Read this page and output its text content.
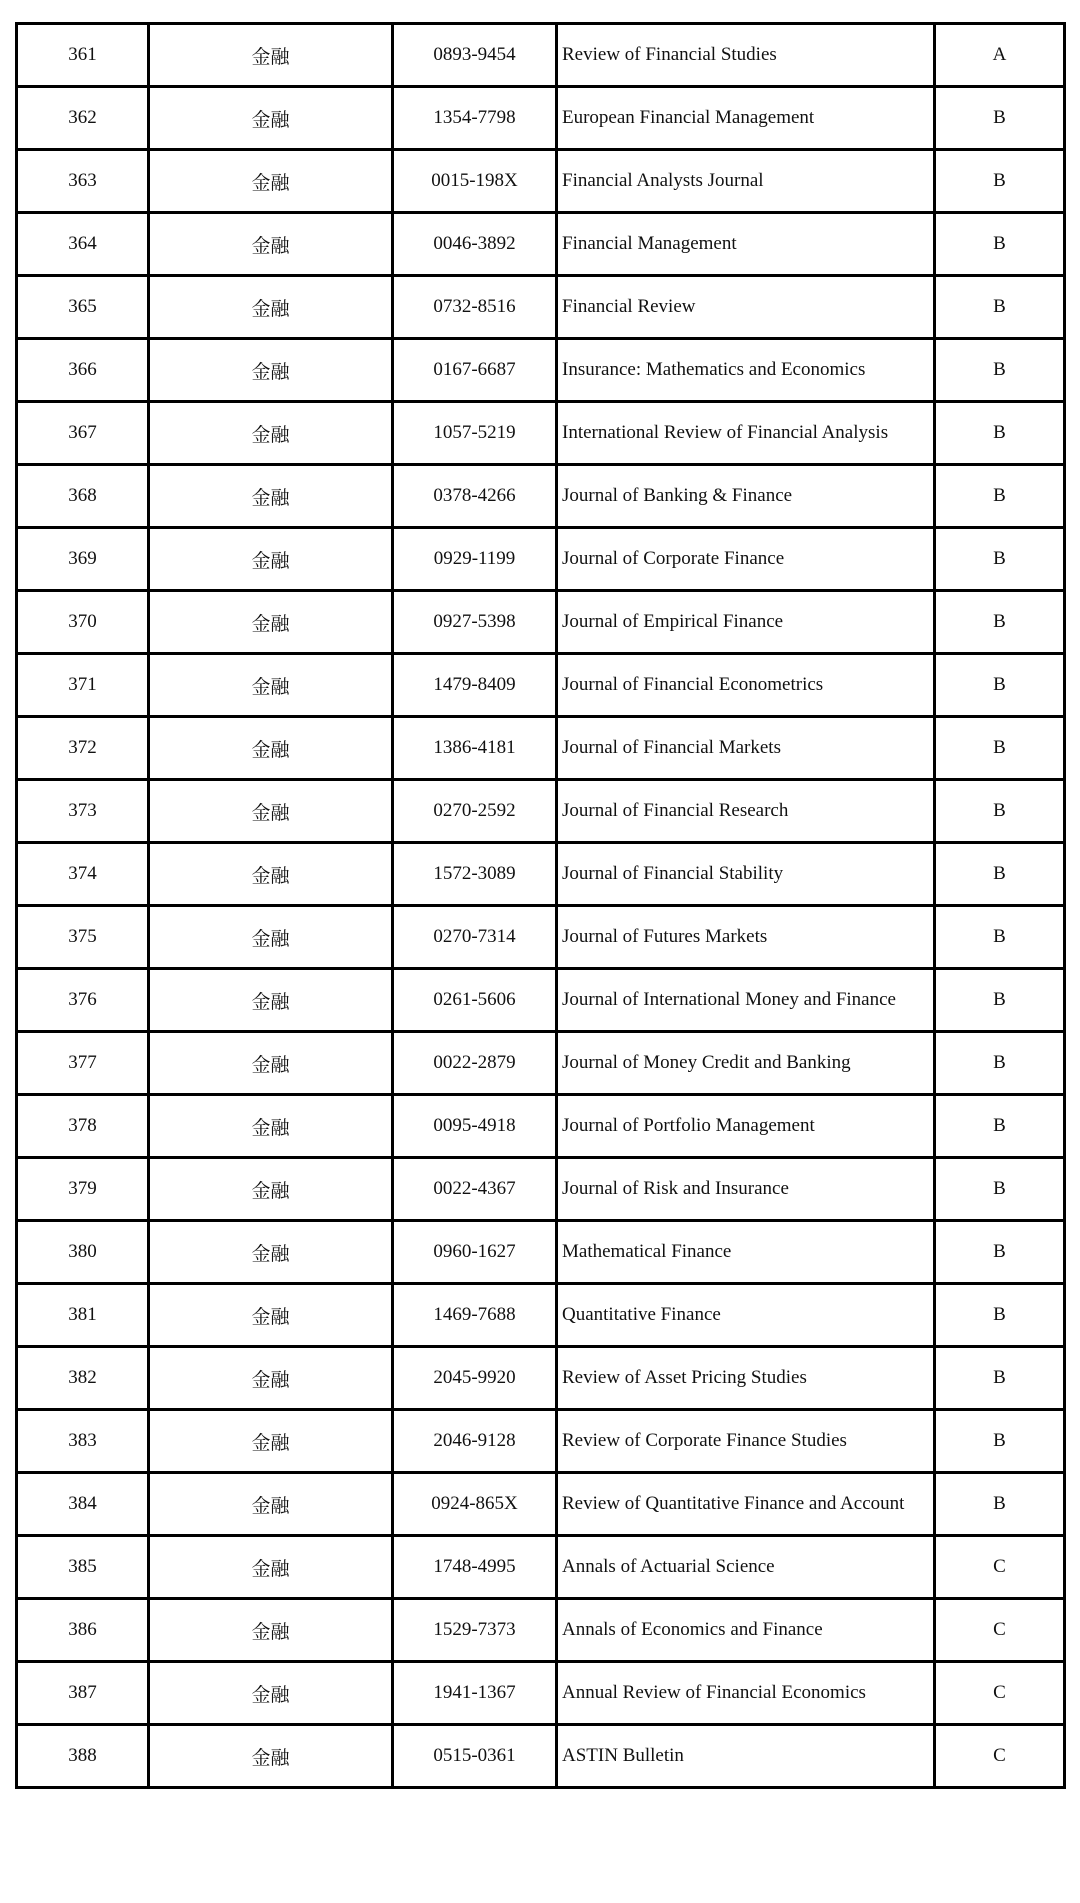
361	金融	0893-9454	Review of Financial Studies	A
362	金融	1354-7798	European Financial Management	B
363	金融	0015-198X	Financial Analysts Journal	B
364	金融	0046-3892	Financial Management	B
365	金融	0732-8516	Financial Review	B
366	金融	0167-6687	Insurance: Mathematics and Economics	B
367	金融	1057-5219	International Review of Financial Analysis	B
368	金融	0378-4266	Journal of Banking & Finance	B
369	金融	0929-1199	Journal of Corporate Finance	B
370	金融	0927-5398	Journal of Empirical Finance	B
371	金融	1479-8409	Journal of Financial Econometrics	B
372	金融	1386-4181	Journal of Financial Markets	B
373	金融	0270-2592	Journal of Financial Research	B
374	金融	1572-3089	Journal of Financial Stability	B
375	金融	0270-7314	Journal of Futures Markets	B
376	金融	0261-5606	Journal of International Money and Finance	B
377	金融	0022-2879	Journal of Money Credit and Banking	B
378	金融	0095-4918	Journal of Portfolio Management	B
379	金融	0022-4367	Journal of Risk and Insurance	B
380	金融	0960-1627	Mathematical Finance	B
381	金融	1469-7688	Quantitative Finance	B
382	金融	2045-9920	Review of Asset Pricing Studies	B
383	金融	2046-9128	Review of Corporate Finance Studies	B
384	金融	0924-865X	Review of Quantitative Finance and Account	B
385	金融	1748-4995	Annals of Actuarial Science	C
386	金融	1529-7373	Annals of Economics and Finance	C
387	金融	1941-1367	Annual Review of Financial Economics	C
388	金融	0515-0361	ASTIN Bulletin	C
